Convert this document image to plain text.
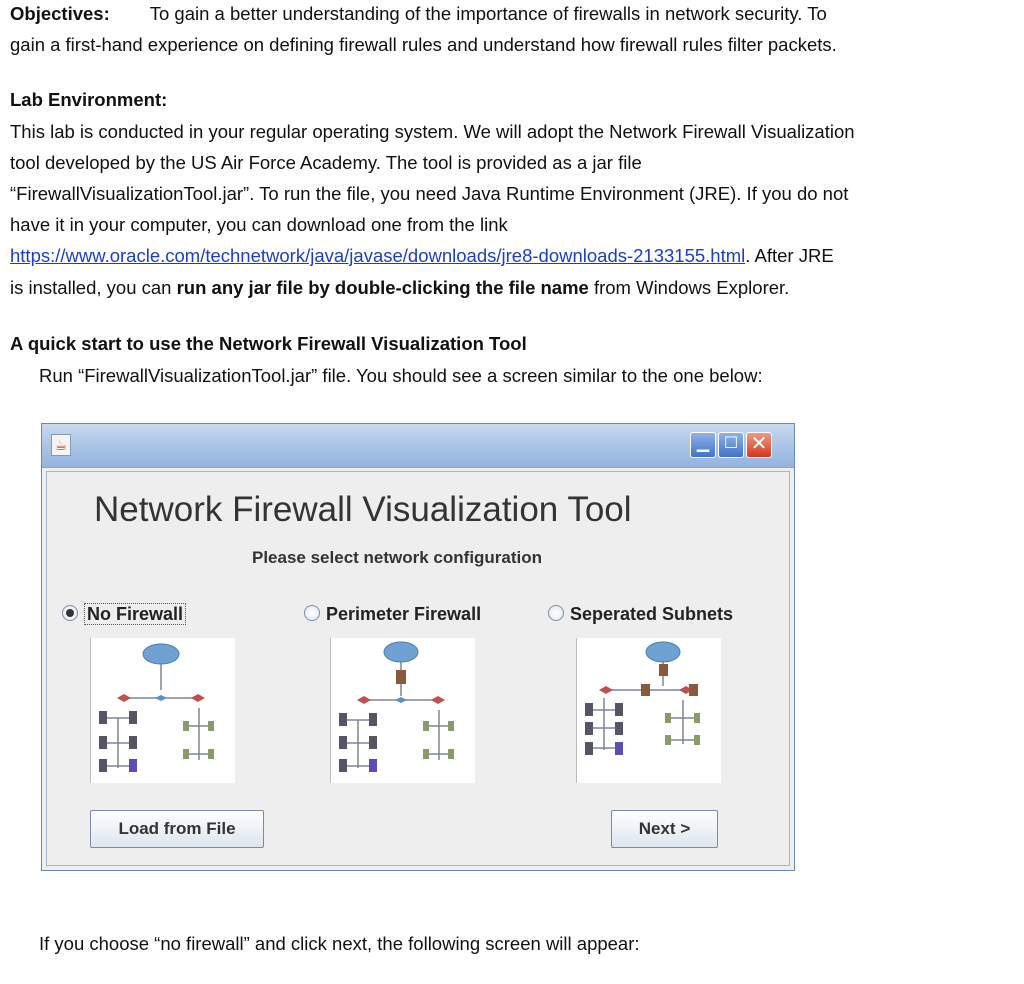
Objectives: To gain a better understanding of the importance of firewalls in network security. To
gain a first-hand experience on defining firewall rules and understand how firewall rules filter packets.
Lab Environment:
This lab is conducted in your regular operating system. We will adopt the Network Firewall Visualization
tool developed by the US Air Force Academy. The tool is provided as a jar file
“FirewallVisualizationTool.jar”. To run the file, you need Java Runtime Environment (JRE). If you do not
have it in your computer, you can download one from the link
https://www.oracle.com/technetwork/java/javase/downloads/jre8-downloads-2133155.html. After JRE
is installed, you can run any jar file by double-clicking the file name from Windows Explorer.
A quick start to use the Network Firewall Visualization Tool
Run “FirewallVisualizationTool.jar” file. You should see a screen similar to the one below:
If you choose “no firewall” and click next, the following screen will appear:
☕	▁ ☐ ✕
Network Firewall Visualization Tool
Please select network configuration
No Firewall	Perimeter Firewall	Seperated Subnets
Load from File	Next >
